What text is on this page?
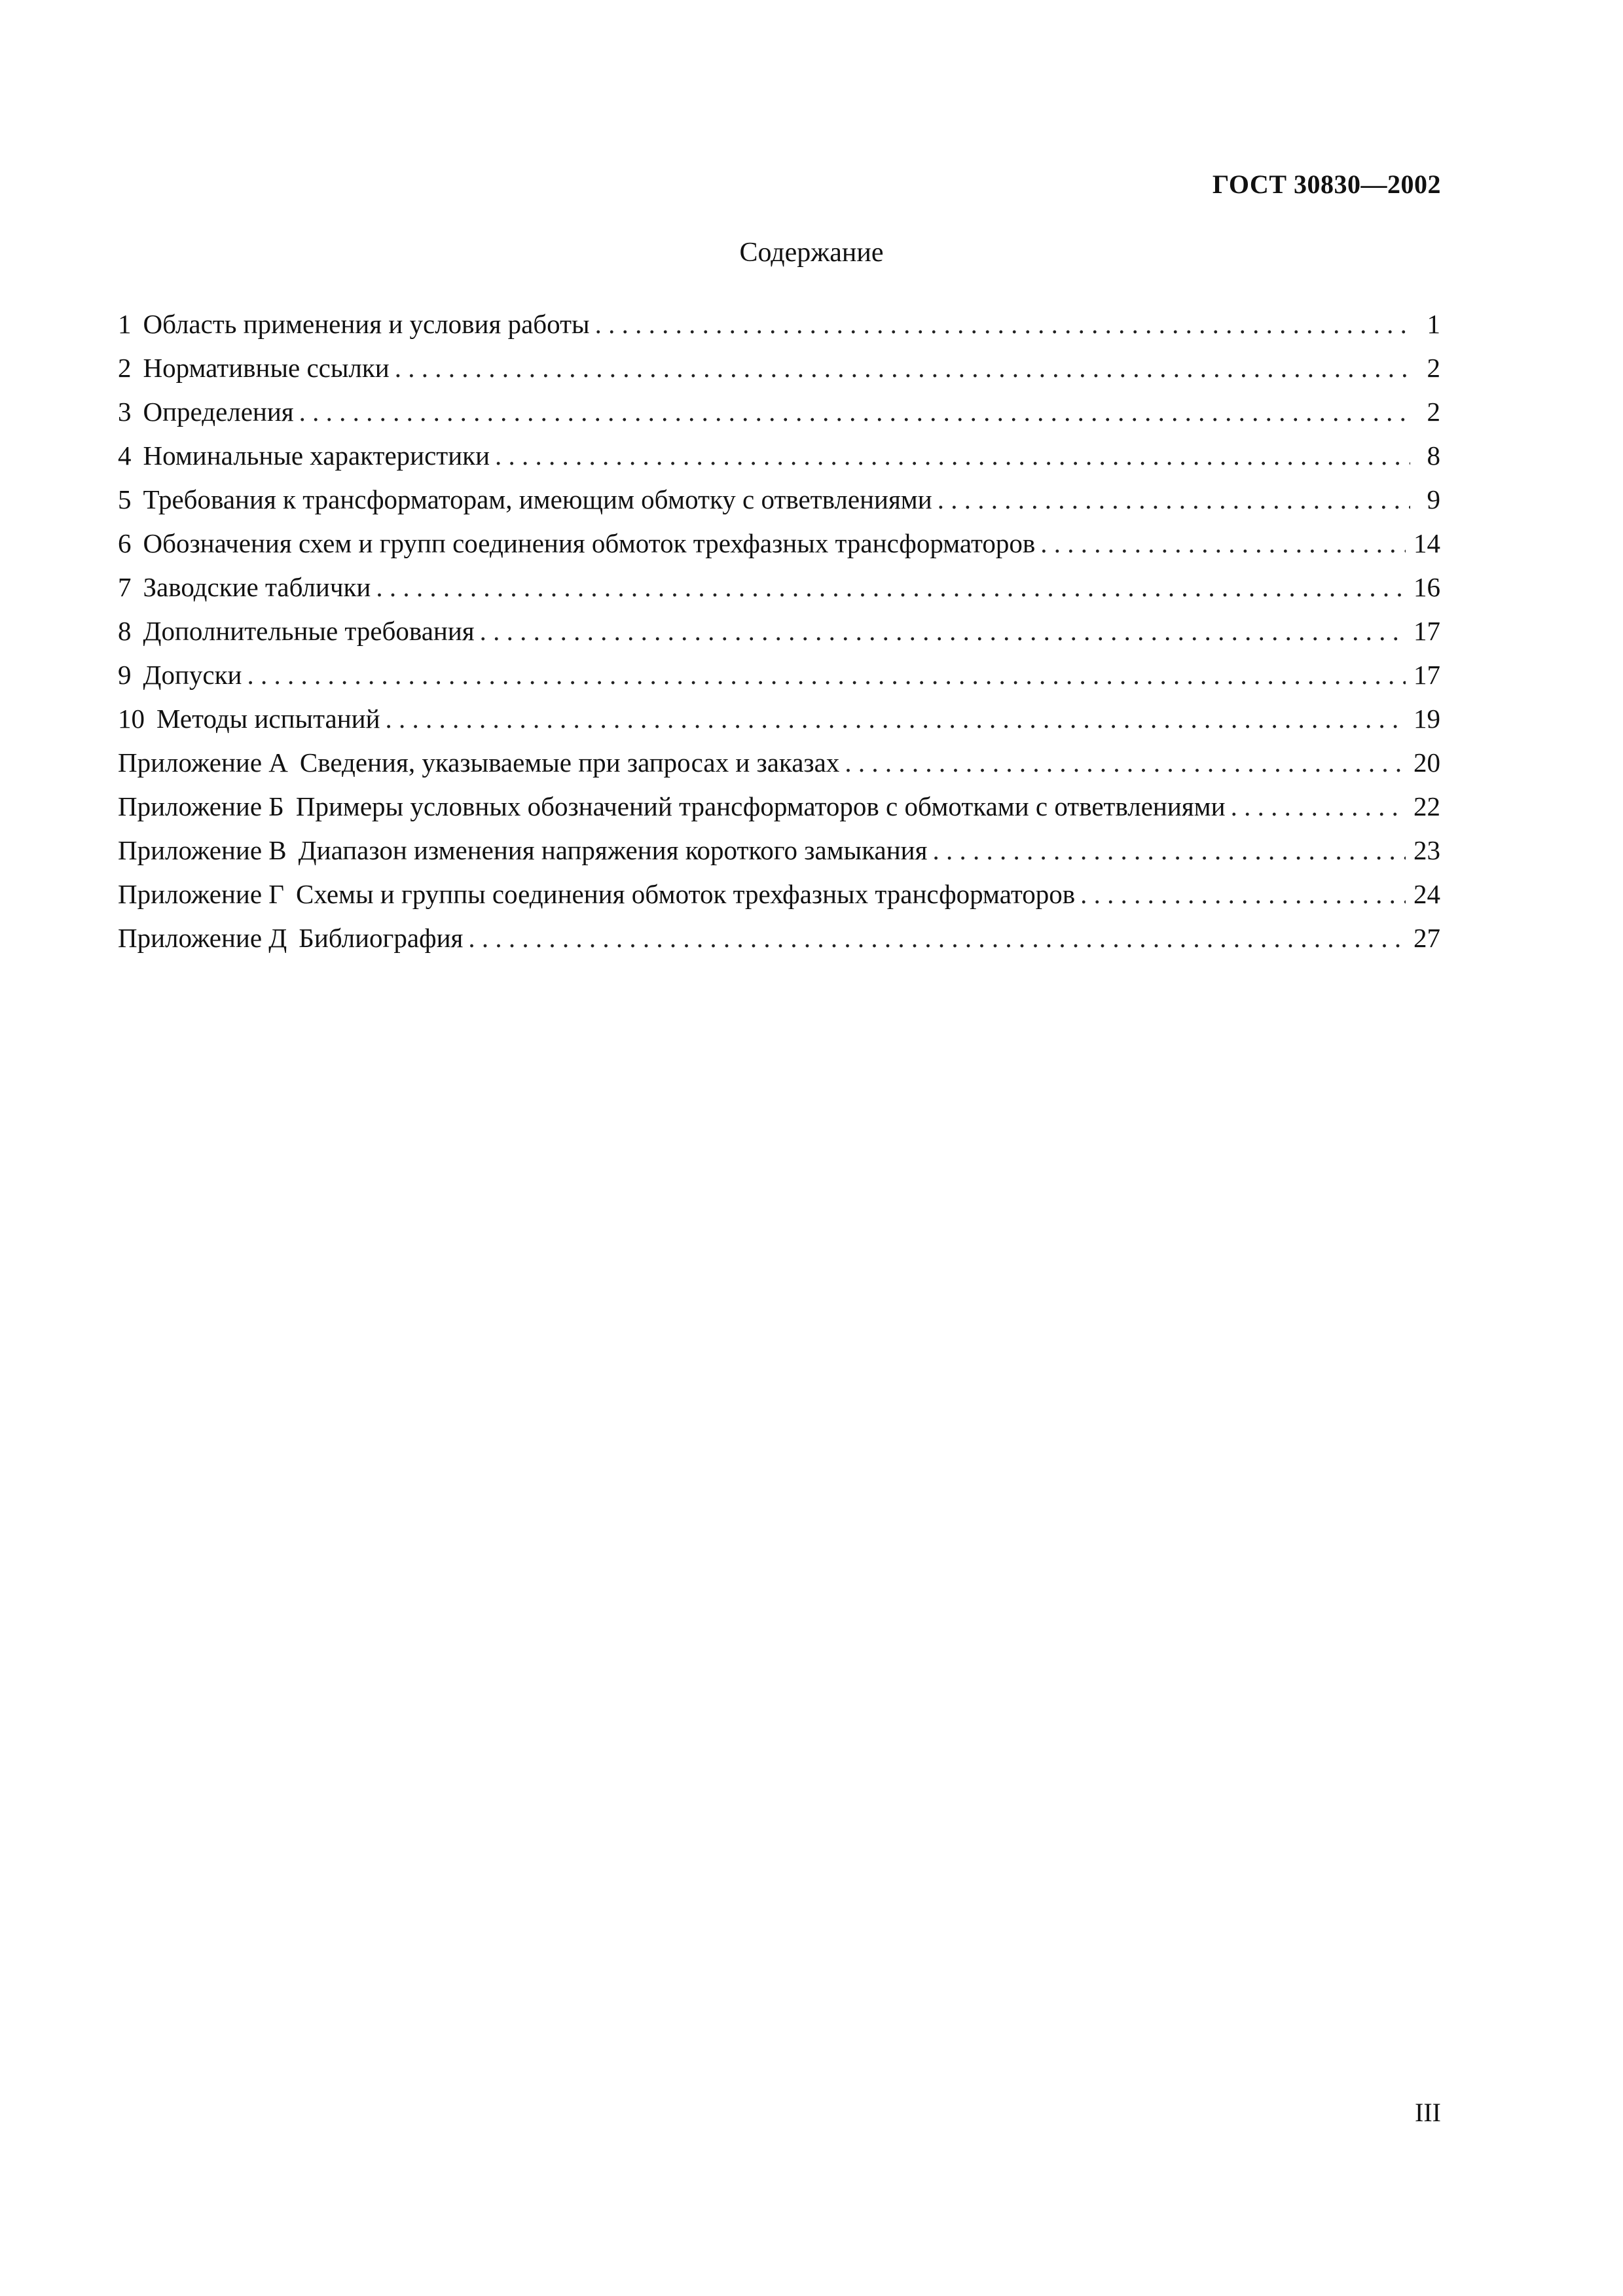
ГОСТ 30830—2002
Содержание
1 Область применения и условия работы . . .	1
2 Нормативные ссылки . . .	2
3 Определения . . .	2
4 Номинальные характеристики . . .	8
5 Требования к трансформаторам, имеющим обмотку с ответвлениями . . .	9
6 Обозначения схем и групп соединения обмоток трехфазных трансформаторов . . .	14
7 Заводские таблички . . .	16
8 Дополнительные требования . . .	17
9 Допуски . . .	17
10 Методы испытаний . . .	19
Приложение А Сведения, указываемые при запросах и заказах . . .	20
Приложение Б Примеры условных обозначений трансформаторов с обмотками с ответвлениями . . .	22
Приложение В Диапазон изменения напряжения короткого замыкания . . .	23
Приложение Г Схемы и группы соединения обмоток трехфазных трансформаторов . . .	24
Приложение Д Библиография . . .	27
III
